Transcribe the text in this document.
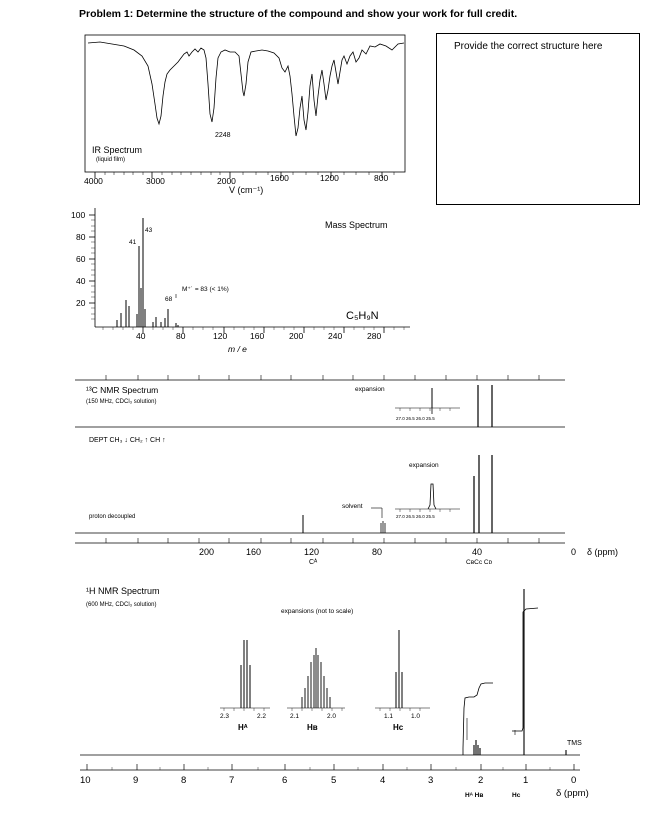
Problem 1: Determine the structure of the compound and show your work for full credit.
Provide the correct structure here
2248
IR Spectrum
(liquid film)
4000	3000	2000	1600	1200	800
V (cm⁻¹)
100
80
60
40
20
43
41
68
M⁺˙ = 83 (< 1%)
Mass Spectrum
C₅H₉N
40	80	120	160	200	240	280
m / e
¹³C NMR Spectrum
(150 MHz, CDCl₃ solution)
expansion
27.0 26.5 26.0 25.5
DEPT CH₃ ↓ CH₂ ↑ CH ↑
expansion
solvent
27.0 26.5 26.0 25.5
proton decoupled
200	160	120
Cᴬ
80	40
CʙCᴄ Cᴅ
0 δ (ppm)
¹H NMR Spectrum
(600 MHz, CDCl₃ solution)
expansions (not to scale)
2.3	2.2
Hᴬ
2.1	2.0
Hʙ
1.1	1.0
Hᴄ
TMS
10	9	8	7	6	5	4	3	2	1	0
Hᴬ Hʙ	Hᴄ	δ (ppm)
